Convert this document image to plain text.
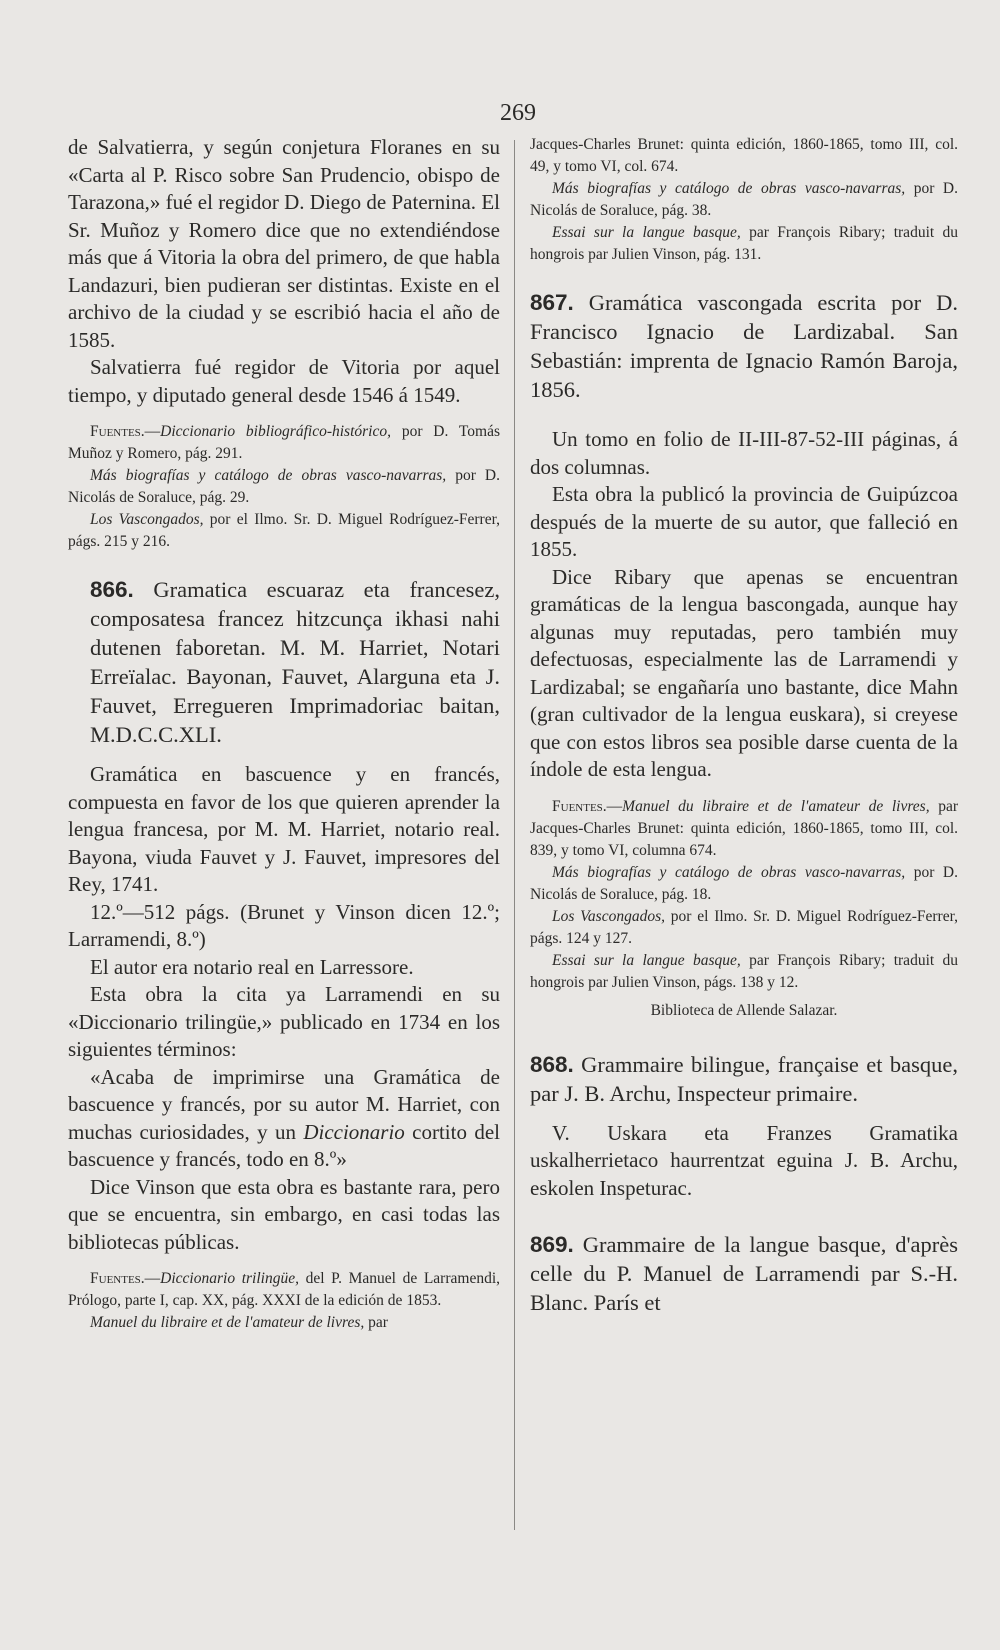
269

de Salvatierra, y según conjetura Floranes en su «Carta al P. Risco sobre San Prudencio, obispo de Tarazona,» fué el regidor D. Diego de Paternina. El Sr. Muñoz y Romero dice que no extendiéndose más que á Vitoria la obra del primero, de que habla Landazuri, bien pudieran ser distintas. Existe en el archivo de la ciudad y se escribió hacia el año de 1585.

Salvatierra fué regidor de Vitoria por aquel tiempo, y diputado general desde 1546 á 1549.

Fuentes.—Diccionario bibliográfico-histórico, por D. Tomás Muñoz y Romero, pág. 291.

Más biografías y catálogo de obras vasco-navarras, por D. Nicolás de Soraluce, pág. 29.

Los Vascongados, por el Ilmo. Sr. D. Miguel Rodríguez-Ferrer, págs. 215 y 216.

866. Gramatica escuaraz eta francesez, composatesa francez hitzcunça ikhasi nahi dutenen faboretan. M. M. Harriet, Notari Erreïalac. Bayonan, Fauvet, Alarguna eta J. Fauvet, Erregueren Imprimadoriac baitan, M.D.C.C.XLI.

Gramática en bascuence y en francés, compuesta en favor de los que quieren aprender la lengua francesa, por M. M. Harriet, notario real. Bayona, viuda Fauvet y J. Fauvet, impresores del Rey, 1741.

12.º—512 págs. (Brunet y Vinson dicen 12.º; Larramendi, 8.º)

El autor era notario real en Larressore.

Esta obra la cita ya Larramendi en su «Diccionario trilingüe,» publicado en 1734 en los siguientes términos:

«Acaba de imprimirse una Gramática de bascuence y francés, por su autor M. Harriet, con muchas curiosidades, y un Diccionario cortito del bascuence y francés, todo en 8.º»

Dice Vinson que esta obra es bastante rara, pero que se encuentra, sin embargo, en casi todas las bibliotecas públicas.

Fuentes.—Diccionario trilingüe, del P. Manuel de Larramendi, Prólogo, parte I, cap. XX, pág. XXXI de la edición de 1853.

Manuel du libraire et de l'amateur de livres, par

Jacques-Charles Brunet: quinta edición, 1860-1865, tomo III, col. 49, y tomo VI, col. 674.

Más biografías y catálogo de obras vasco-navarras, por D. Nicolás de Soraluce, pág. 38.

Essai sur la langue basque, par François Ribary; traduit du hongrois par Julien Vinson, pág. 131.

867. Gramática vascongada escrita por D. Francisco Ignacio de Lardizabal. San Sebastián: imprenta de Ignacio Ramón Baroja, 1856.

Un tomo en folio de II-III-87-52-III páginas, á dos columnas.

Esta obra la publicó la provincia de Guipúzcoa después de la muerte de su autor, que falleció en 1855.

Dice Ribary que apenas se encuentran gramáticas de la lengua bascongada, aunque hay algunas muy reputadas, pero también muy defectuosas, especialmente las de Larramendi y Lardizabal; se engañaría uno bastante, dice Mahn (gran cultivador de la lengua euskara), si creyese que con estos libros sea posible darse cuenta de la índole de esta lengua.

Fuentes.—Manuel du libraire et de l'amateur de livres, par Jacques-Charles Brunet: quinta edición, 1860-1865, tomo III, col. 839, y tomo VI, columna 674.

Más biografías y catálogo de obras vasco-navarras, por D. Nicolás de Soraluce, pág. 18.

Los Vascongados, por el Ilmo. Sr. D. Miguel Rodríguez-Ferrer, págs. 124 y 127.

Essai sur la langue basque, par François Ribary; traduit du hongrois par Julien Vinson, págs. 138 y 12.

Biblioteca de Allende Salazar.

868. Grammaire bilingue, française et basque, par J. B. Archu, Inspecteur primaire.

V. Uskara eta Franzes Gramatika uskalherrietaco haurrentzat eguina J. B. Archu, eskolen Inspeturac.

869. Grammaire de la langue basque, d'après celle du P. Manuel de Larramendi par S.-H. Blanc. París et
